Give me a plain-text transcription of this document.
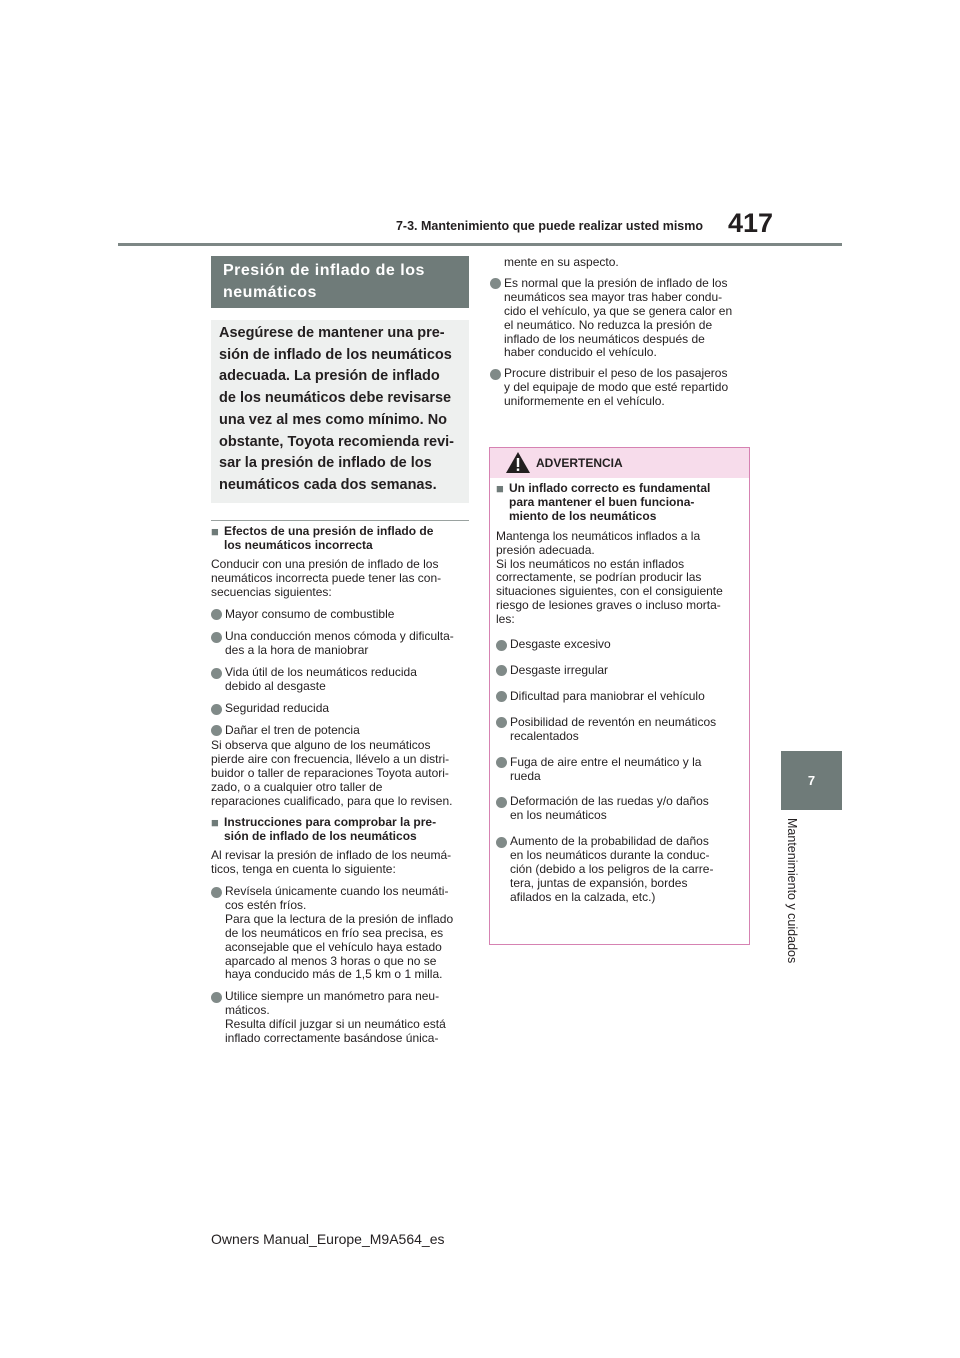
7-3. Mantenimiento que puede realizar usted mismo 417
7
Mantenimiento y cuidados
Presión de inflado de los
neumáticos
Asegúrese de mantener una pre-
sión de inflado de los neumáticos
adecuada. La presión de inflado
de los neumáticos debe revisarse
una vez al mes como mínimo. No
obstante, Toyota recomienda revi-
sar la presión de inflado de los
neumáticos cada dos semanas.
■ Efectos de una presión de inflado de
los neumáticos incorrecta
Conducir con una presión de inflado de los
neumáticos incorrecta puede tener las con-
secuencias siguientes:
Mayor consumo de combustible
Una conducción menos cómoda y dificulta-
des a la hora de maniobrar
Vida útil de los neumáticos reducida
debido al desgaste
Seguridad reducida
Dañar el tren de potencia
Si observa que alguno de los neumáticos
pierde aire con frecuencia, llévelo a un distri-
buidor o taller de reparaciones Toyota autori-
zado, o a cualquier otro taller de
reparaciones cualificado, para que lo revisen.
■ Instrucciones para comprobar la pre-
sión de inflado de los neumáticos
Al revisar la presión de inflado de los neumá-
ticos, tenga en cuenta lo siguiente:
Revísela únicamente cuando los neumáti-
cos estén fríos.
Para que la lectura de la presión de inflado
de los neumáticos en frío sea precisa, es
aconsejable que el vehículo haya estado
aparcado al menos 3 horas o que no se
haya conducido más de 1,5 km o 1 milla.
Utilice siempre un manómetro para neu-
máticos.
Resulta difícil juzgar si un neumático está
inflado correctamente basándose única-
mente en su aspecto.
Es normal que la presión de inflado de los
neumáticos sea mayor tras haber condu-
cido el vehículo, ya que se genera calor en
el neumático. No reduzca la presión de
inflado de los neumáticos después de
haber conducido el vehículo.
Procure distribuir el peso de los pasajeros
y del equipaje de modo que esté repartido
uniformemente en el vehículo.
ADVERTENCIA
■ Un inflado correcto es fundamental
para mantener el buen funciona-
miento de los neumáticos
Mantenga los neumáticos inflados a la
presión adecuada.
Si los neumáticos no están inflados
correctamente, se podrían producir las
situaciones siguientes, con el consiguiente
riesgo de lesiones graves o incluso morta-
les:
Desgaste excesivo
Desgaste irregular
Dificultad para maniobrar el vehículo
Posibilidad de reventón en neumáticos
recalentados
Fuga de aire entre el neumático y la
rueda
Deformación de las ruedas y/o daños
en los neumáticos
Aumento de la probabilidad de daños
en los neumáticos durante la conduc-
ción (debido a los peligros de la carre-
tera, juntas de expansión, bordes
afilados en la calzada, etc.)
Owners Manual_Europe_M9A564_es
